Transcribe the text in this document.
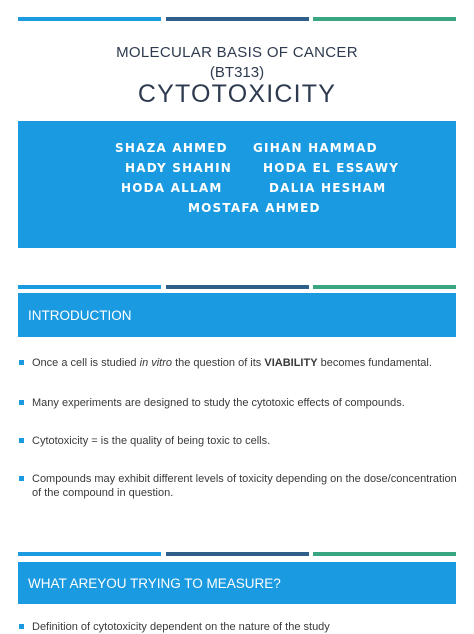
MOLECULAR BASIS OF CANCER
(BT313)
CYTOTOXICITY
SHAZA AHMED GIHAN HAMMAD
HADY SHAHIN	HODA EL ESSAWY
HODA ALLAM	DALIA HESHAM
MOSTAFA AHMED
INTRODUCTION
Once a cell is studied in vitro the question of its VIABILITY becomes fundamental.
Many experiments are designed to study the cytotoxic effects of compounds.
Cytotoxicity = is the quality of being toxic to cells.
Compounds may exhibit different levels of toxicity depending on the dose/concentration of the compound in question.
WHAT AREYOU TRYING TO MEASURE?
Definition of cytotoxicity dependent on the nature of the study
